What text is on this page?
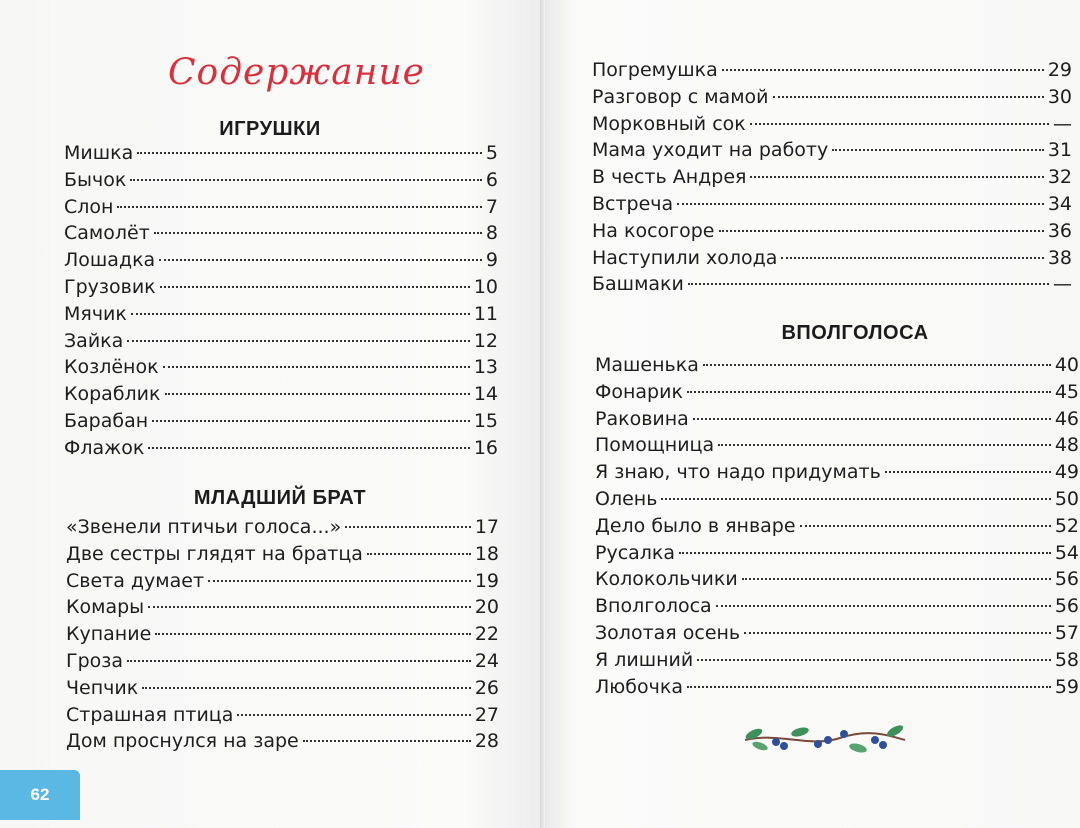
Содержание
ИГРУШКИ
Мишка	5
Бычок	6
Слон	7
Самолёт	8
Лошадка	9
Грузовик	10
Мячик	11
Зайка	12
Козлёнок	13
Кораблик	14
Барабан	15
Флажок	16
МЛАДШИЙ БРАТ
«Звенели птичьи голоса...»	17
Две сестры глядят на братца	18
Света думает	19
Комары	20
Купание	22
Гроза	24
Чепчик	26
Страшная птица	27
Дом проснулся на заре	28
62
Погремушка	29
Разговор с мамой	30
Морковный сок	—
Мама уходит на работу	31
В честь Андрея	32
Встреча	34
На косогоре	36
Наступили холода	38
Башмаки	—
ВПОЛГОЛОСА
Машенька	40
Фонарик	45
Раковина	46
Помощница	48
Я знаю, что надо придумать	49
Олень	50
Дело было в январе	52
Русалка	54
Колокольчики	56
Вполголоса	56
Золотая осень	57
Я лишний	58
Любочка	59
